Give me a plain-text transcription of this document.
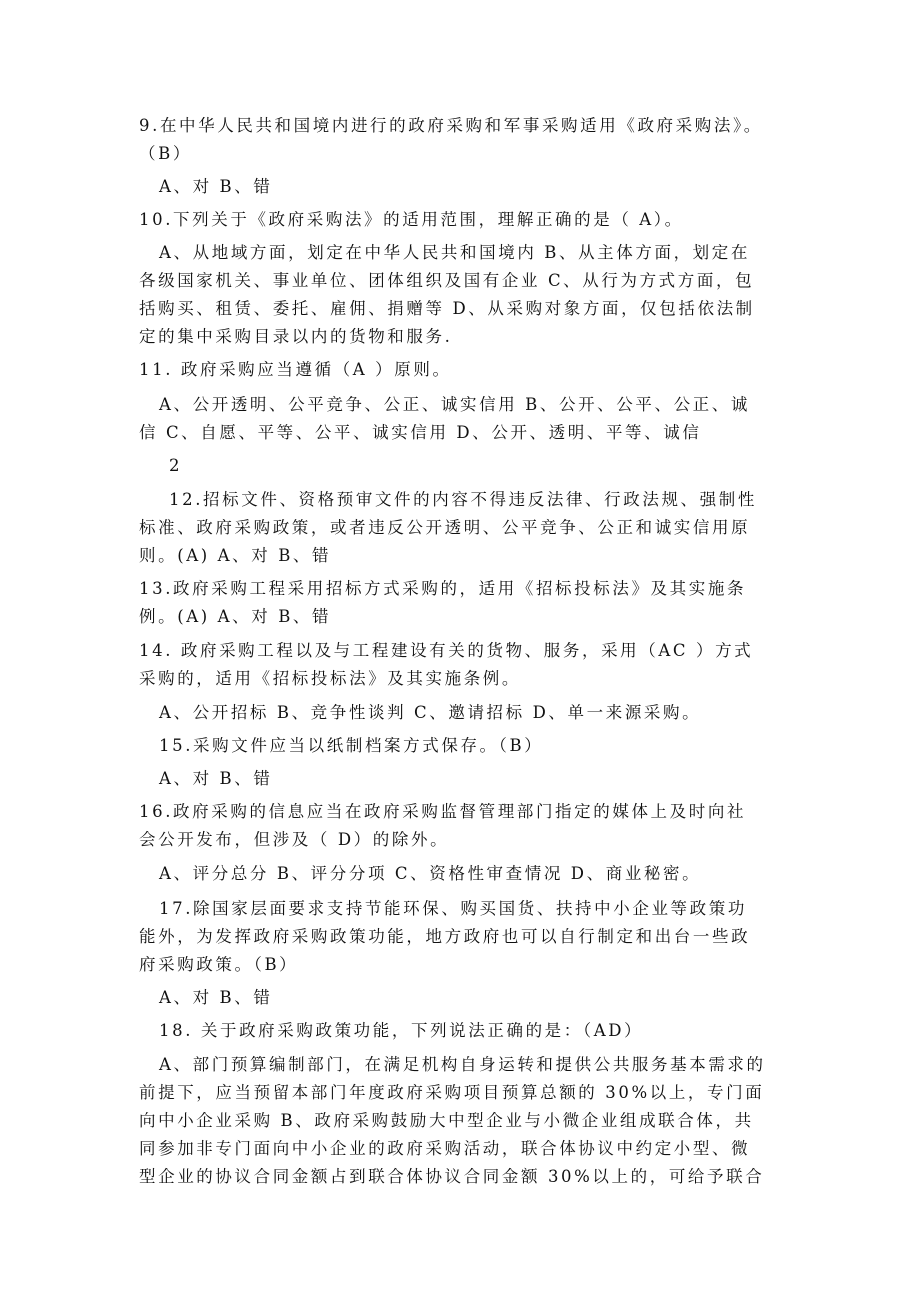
9.在中华人民共和国境内进行的政府采购和军事采购适用《政府采购法》。
（B）
A、对 B、错
10.下列关于《政府采购法》的适用范围，理解正确的是（ A）。
A、从地域方面，划定在中华人民共和国境内 B、从主体方面，划定在
各级国家机关、事业单位、团体组织及国有企业 C、从行为方式方面，包
括购买、租赁、委托、雇佣、捐赠等 D、从采购对象方面，仅包括依法制
定的集中采购目录以内的货物和服务.
11. 政府采购应当遵循（A ）原则。
A、公开透明、公平竞争、公正、诚实信用 B、公开、公平、公正、诚
信 C、自愿、平等、公平、诚实信用 D、公开、透明、平等、诚信
2
12.招标文件、资格预审文件的内容不得违反法律、行政法规、强制性
标准、政府采购政策，或者违反公开透明、公平竞争、公正和诚实信用原
则。(A) A、对 B、错
13.政府采购工程采用招标方式采购的，适用《招标投标法》及其实施条
例。(A) A、对 B、错
14. 政府采购工程以及与工程建设有关的货物、服务，采用（AC ）方式
采购的，适用《招标投标法》及其实施条例。
A、公开招标 B、竞争性谈判 C、邀请招标 D、单一来源采购。
15.采购文件应当以纸制档案方式保存。（B）
A、对 B、错
16.政府采购的信息应当在政府采购监督管理部门指定的媒体上及时向社
会公开发布，但涉及（ D）的除外。
A、评分总分 B、评分分项 C、资格性审查情况 D、商业秘密。
17.除国家层面要求支持节能环保、购买国货、扶持中小企业等政策功
能外，为发挥政府采购政策功能，地方政府也可以自行制定和出台一些政
府采购政策。（B）
A、对 B、错
18. 关于政府采购政策功能，下列说法正确的是：（AD）
A、部门预算编制部门，在满足机构自身运转和提供公共服务基本需求的
前提下，应当预留本部门年度政府采购项目预算总额的 30%以上，专门面
向中小企业采购 B、政府采购鼓励大中型企业与小微企业组成联合体，共
同参加非专门面向中小企业的政府采购活动，联合体协议中约定小型、微
型企业的协议合同金额占到联合体协议合同金额 30%以上的，可给予联合
